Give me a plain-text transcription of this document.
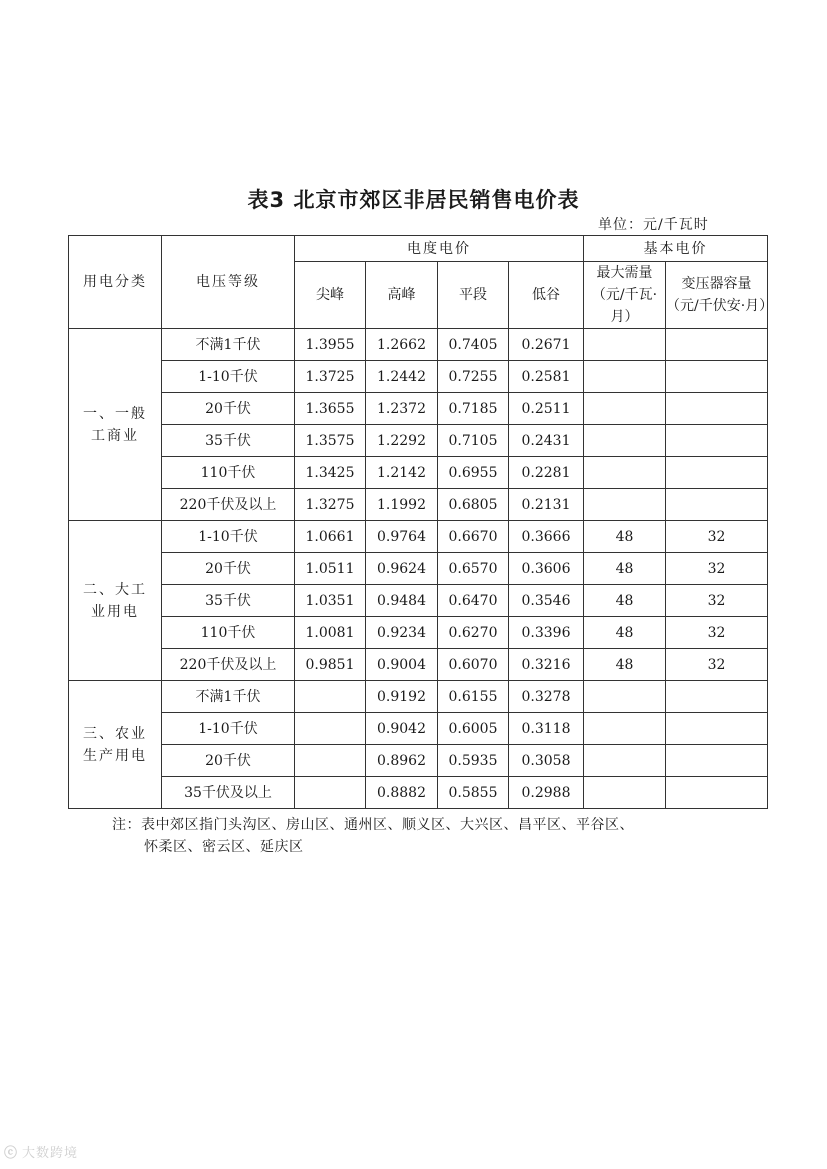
表3 北京市郊区非居民销售电价表
单位：元/千瓦时
用电分类	电压等级	电度电价				基本电价	
		尖峰	高峰	平段	低谷	最大需量（元/千瓦·月）	变压器容量（元/千伏安·月）
一、一般工商业	不满1千伏	1.3955	1.2662	0.7405	0.2671		
	1-10千伏	1.3725	1.2442	0.7255	0.2581		
	20千伏	1.3655	1.2372	0.7185	0.2511		
	35千伏	1.3575	1.2292	0.7105	0.2431		
	110千伏	1.3425	1.2142	0.6955	0.2281		
	220千伏及以上	1.3275	1.1992	0.6805	0.2131		
二、大工业用电	1-10千伏	1.0661	0.9764	0.6670	0.3666	48	32
	20千伏	1.0511	0.9624	0.6570	0.3606	48	32
	35千伏	1.0351	0.9484	0.6470	0.3546	48	32
	110千伏	1.0081	0.9234	0.6270	0.3396	48	32
	220千伏及以上	0.9851	0.9004	0.6070	0.3216	48	32
三、农业生产用电	不满1千伏		0.9192	0.6155	0.3278		
	1-10千伏		0.9042	0.6005	0.3118		
	20千伏		0.8962	0.5935	0.3058		
	35千伏及以上		0.8882	0.5855	0.2988		
注：表中郊区指门头沟区、房山区、通州区、顺义区、大兴区、昌平区、平谷区、
怀柔区、密云区、延庆区
ⓒ 大数跨境
